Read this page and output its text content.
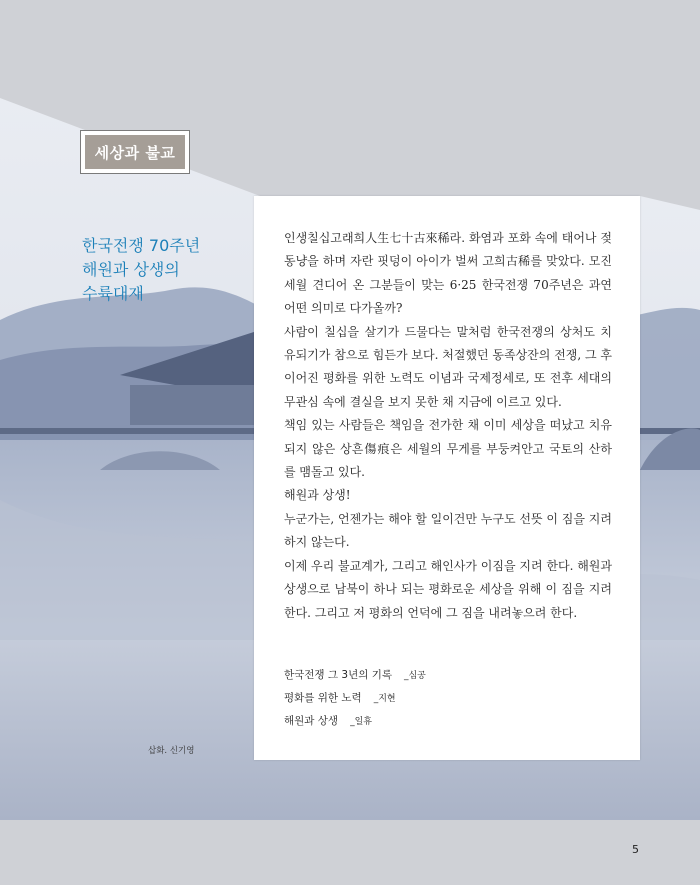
세상과 불교
한국전쟁 70주년
해원과 상생의
수륙대재

인생칠십고래희人生七十古來稀라. 화염과 포화 속에 태어나 젖동냥을 하며 자란 핏덩이 아이가 벌써 고희古稀를 맞았다. 모진 세월 견디어 온 그분들이 맞는 6·25 한국전쟁 70주년은 과연 어떤 의미로 다가올까?

사람이 칠십을 살기가 드물다는 말처럼 한국전쟁의 상처도 치유되기가 참으로 힘든가 보다. 처절했던 동족상잔의 전쟁, 그 후 이어진 평화를 위한 노력도 이념과 국제정세로, 또 전후 세대의 무관심 속에 결실을 보지 못한 채 지금에 이르고 있다.

책임 있는 사람들은 책임을 전가한 채 이미 세상을 떠났고 치유되지 않은 상흔傷痕은 세월의 무게를 부둥켜안고 국토의 산하를 맴돌고 있다.

해원과 상생!

누군가는, 언젠가는 해야 할 일이건만 누구도 선뜻 이 짐을 지려하지 않는다.

이제 우리 불교계가, 그리고 해인사가 이짐을 지려 한다. 해원과 상생으로 남북이 하나 되는 평화로운 세상을 위해 이 짐을 지려 한다. 그리고 저 평화의 언덕에 그 짐을 내려놓으려 한다.

한국전쟁 그 3년의 기록 _심공
평화를 위한 노력 _지현
해원과 상생 _일휴
삽화. 신기영
5
